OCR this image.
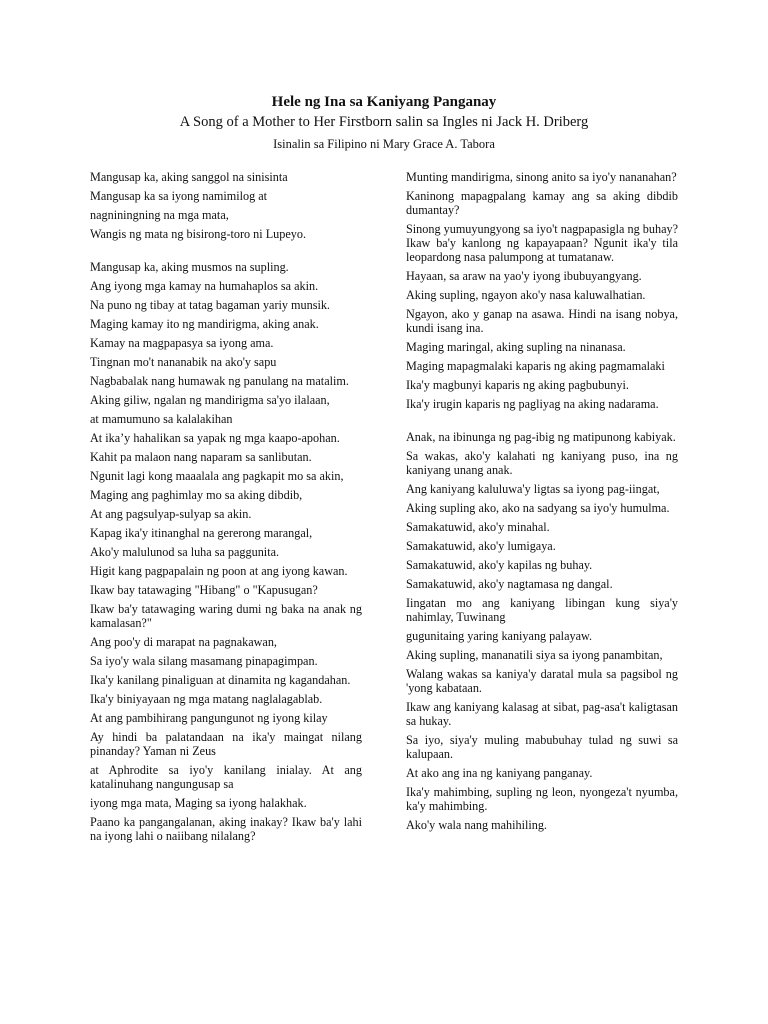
Hele ng Ina sa Kaniyang Panganay
A Song of a Mother to Her Firstborn salin sa Ingles ni Jack H. Driberg
Isinalin sa Filipino ni Mary Grace A. Tabora
Mangusap ka, aking sanggol na sinisinta
Mangusap ka sa iyong namimilog at
nagniningning na mga mata,
Wangis ng mata ng bisirong-toro ni Lupeyo.
Mangusap ka, aking musmos na supling.
Ang iyong mga kamay na humahaplos sa akin.
Na puno ng tibay at tatag bagaman yariy munsik.
Maging kamay ito ng mandirigma, aking anak.
Kamay na magpapasya sa iyong ama.
Tingnan mo't nananabik na ako'y sapu
Nagbabalak nang humawak ng panulang na matalim.
Aking giliw, ngalan ng mandirigma sa'yo ilalaan,
at mamumuno sa kalalakihan
At ika’y hahalikan sa yapak ng mga kaapo-apohan.
Kahit pa malaon nang naparam sa sanlibutan.
Ngunit lagi kong maaalala ang pagkapit mo sa akin,
Maging ang paghimlay mo sa aking dibdib,
At ang pagsulyap-sulyap sa akin.
Kapag ika'y itinanghal na gererong marangal,
Ako'y malulunod sa luha sa paggunita.
Higit kang pagpapalain ng poon at ang iyong kawan.
Ikaw bay tatawaging "Hibang" o "Kapusugan?
Ikaw ba'y tatawaging waring dumi ng baka na anak ng kamalasan?"
Ang poo'y di marapat na pagnakawan,
Sa iyo'y wala silang masamang pinapagimpan.
Ika'y kanilang pinaliguan at dinamita ng kagandahan.
Ika'y biniyayaan ng mga matang naglalagablab.
At ang pambihirang pangungunot ng iyong kilay
Ay hindi ba palatandaan na ika'y maingat nilang pinanday? Yaman ni Zeus
at Aphrodite sa iyo'y kanilang inialay. At ang katalinuhang nangungusap sa
iyong mga mata, Maging sa iyong halakhak.
Paano ka pangangalanan, aking inakay? Ikaw ba'y lahi na iyong lahi o naiibang nilalang?
Munting mandirigma, sinong anito sa iyo'y nananahan?
Kaninong mapagpalang kamay ang sa aking dibdib dumantay?
Sinong yumuyungyong sa iyo't nagpapasigla ng buhay? Ikaw ba'y kanlong ng kapayapaan? Ngunit ika'y tila leopardong nasa palumpong at tumatanaw.
Hayaan, sa araw na yao'y iyong ibubuyangyang.
Aking supling, ngayon ako'y nasa kaluwalhatian.
Ngayon, ako y ganap na asawa. Hindi na isang nobya, kundi isang ina.
Maging maringal, aking supling na ninanasa.
Maging mapagmalaki kaparis ng aking pagmamalaki
Ika'y magbunyi kaparis ng aking pagbubunyi.
Ika'y irugin kaparis ng pagliyag na aking nadarama.
Anak, na ibinunga ng pag-ibig ng matipunong kabiyak.
Sa wakas, ako'y kalahati ng kaniyang puso, ina ng kaniyang unang anak.
Ang kaniyang kaluluwa'y ligtas sa iyong pag-iingat,
Aking supling ako, ako na sadyang sa iyo'y humulma.
Samakatuwid, ako'y minahal.
Samakatuwid, ako'y lumigaya.
Samakatuwid, ako'y kapilas ng buhay.
Samakatuwid, ako'y nagtamasa ng dangal.
Iingatan mo ang kaniyang libingan kung siya'y nahimlay, Tuwinang
gugunitaing yaring kaniyang palayaw.
Aking supling, mananatili siya sa iyong panambitan,
Walang wakas sa kaniya'y daratal mula sa pagsibol ng 'yong kabataan.
Ikaw ang kaniyang kalasag at sibat, pag-asa't kaligtasan sa hukay.
Sa iyo, siya'y muling mabubuhay tulad ng suwi sa kalupaan.
At ako ang ina ng kaniyang panganay.
Ika'y mahimbing, supling ng leon, nyongeza't nyumba, ka'y mahimbing.
Ako'y wala nang mahihiling.
